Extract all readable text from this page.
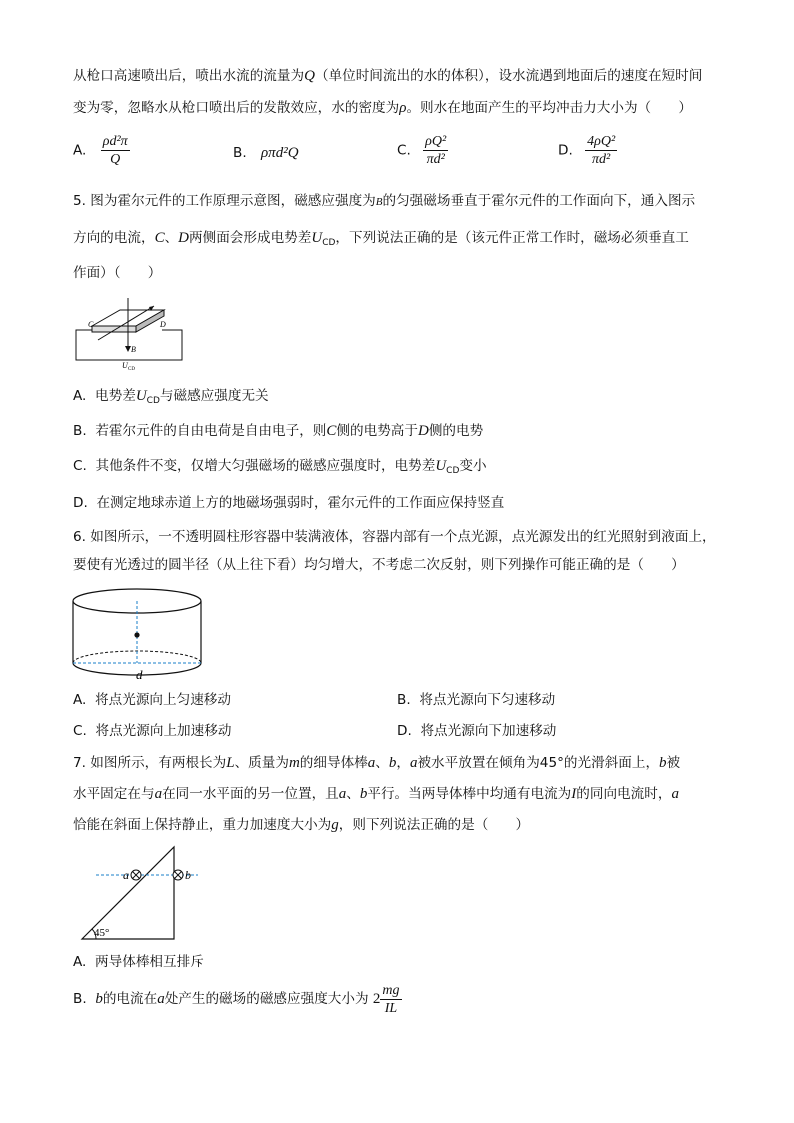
从枪口高速喷出后，喷出水流的流量为Q（单位时间流出的水的体积），设水流遇到地面后的速度在短时间
变为零，忽略水从枪口喷出后的发散效应，水的密度为ρ。则水在地面产生的平均冲击力大小为（　　）
A. $\frac{\text{ρd²π}}{Q}$	B. ρπd²Q	C. $\frac{\text{ρQ²}}{\text{πd²}}$	D. $\frac{\text{4ρQ²}}{\text{πd²}}$
5. 图为霍尔元件的工作原理示意图，磁感应强度为B的匀强磁场垂直于霍尔元件的工作面向下，通入图示
方向的电流，C、D两侧面会形成电势差$U_{CD}$，下列说法正确的是（该元件正常工作时，磁场必须垂直工
作面）（　　）
C	D
B
U CD
A. 电势差$U_{CD}$与磁感应强度无关
B. 若霍尔元件的自由电荷是自由电子，则C侧的电势高于D侧的电势
C. 其他条件不变，仅增大匀强磁场的磁感应强度时，电势差$U_{CD}$变小
D. 在测定地球赤道上方的地磁场强弱时，霍尔元件的工作面应保持竖直
6. 如图所示，一不透明圆柱形容器中装满液体，容器内部有一个点光源，点光源发出的红光照射到液面上，
要使有光透过的圆半径（从上往下看）均匀增大，不考虑二次反射，则下列操作可能正确的是（　　）
d
A. 将点光源向上匀速移动	B. 将点光源向下匀速移动
C. 将点光源向上加速移动	D. 将点光源向下加速移动
7. 如图所示，有两根长为L、质量为m的细导体棒a、b，a被水平放置在倾角为45°的光滑斜面上，b被
水平固定在与a在同一水平面的另一位置，且a、b平行。当两导体棒中均通有电流为I的同向电流时，a
恰能在斜面上保持静止，重力加速度大小为g，则下列说法正确的是（　　）
a	b
45°
A. 两导体棒相互排斥
B. b的电流在a处产生的磁场的磁感应强度大小为 $2 \frac{mg}{IL}$
